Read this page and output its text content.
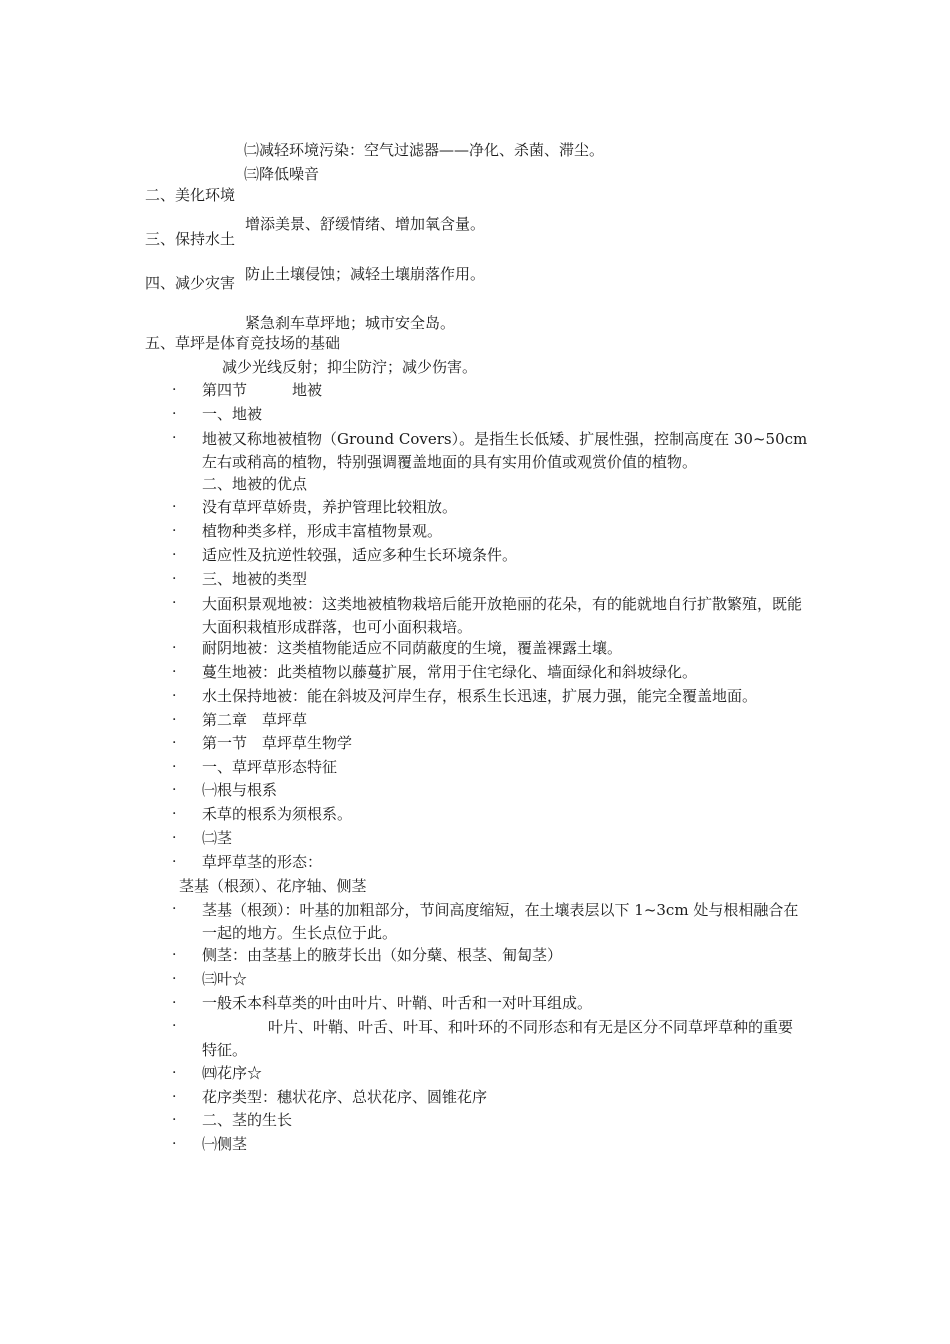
㈡减轻环境污染：空气过滤器——净化、杀菌、滞尘。
㈢降低噪音
二、美化环境
增添美景、舒缓情绪、增加氧含量。
三、保持水土
防止土壤侵蚀；减轻土壤崩落作用。
四、减少灾害
紧急刹车草坪地；城市安全岛。
五、草坪是体育竞技场的基础
减少光线反射；抑尘防泞；减少伤害。
· 第四节　　　地被
· 一、地被
· 地被又称地被植物（Ground Covers）。是指生长低矮、扩展性强，控制高度在 30~50cm 左右或稍高的植物，特别强调覆盖地面的具有实用价值或观赏价值的植物。
二、地被的优点
· 没有草坪草娇贵，养护管理比较粗放。
· 植物种类多样，形成丰富植物景观。
· 适应性及抗逆性较强，适应多种生长环境条件。
· 三、地被的类型
· 大面积景观地被：这类地被植物栽培后能开放艳丽的花朵，有的能就地自行扩散繁殖，既能大面积栽植形成群落，也可小面积栽培。
· 耐阴地被：这类植物能适应不同荫蔽度的生境，覆盖裸露土壤。
· 蔓生地被：此类植物以藤蔓扩展，常用于住宅绿化、墙面绿化和斜坡绿化。
· 水土保持地被：能在斜坡及河岸生存，根系生长迅速，扩展力强，能完全覆盖地面。
· 第二章　草坪草
· 第一节　草坪草生物学
· 一、草坪草形态特征
· ㈠根与根系
· 禾草的根系为须根系。
· ㈡茎
· 草坪草茎的形态：
茎基（根颈）、花序轴、侧茎
· 茎基（根颈）：叶基的加粗部分，节间高度缩短，在土壤表层以下 1~3cm 处与根相融合在一起的地方。生长点位于此。
· 侧茎：由茎基上的腋芽长出（如分蘖、根茎、匍匐茎）
· ㈢叶☆
· 一般禾本科草类的叶由叶片、叶鞘、叶舌和一对叶耳组成。
·	叶片、叶鞘、叶舌、叶耳、和叶环的不同形态和有无是区分不同草坪草种的重要特征。
· ㈣花序☆
· 花序类型：穗状花序、总状花序、圆锥花序
· 二、茎的生长
· ㈠侧茎
